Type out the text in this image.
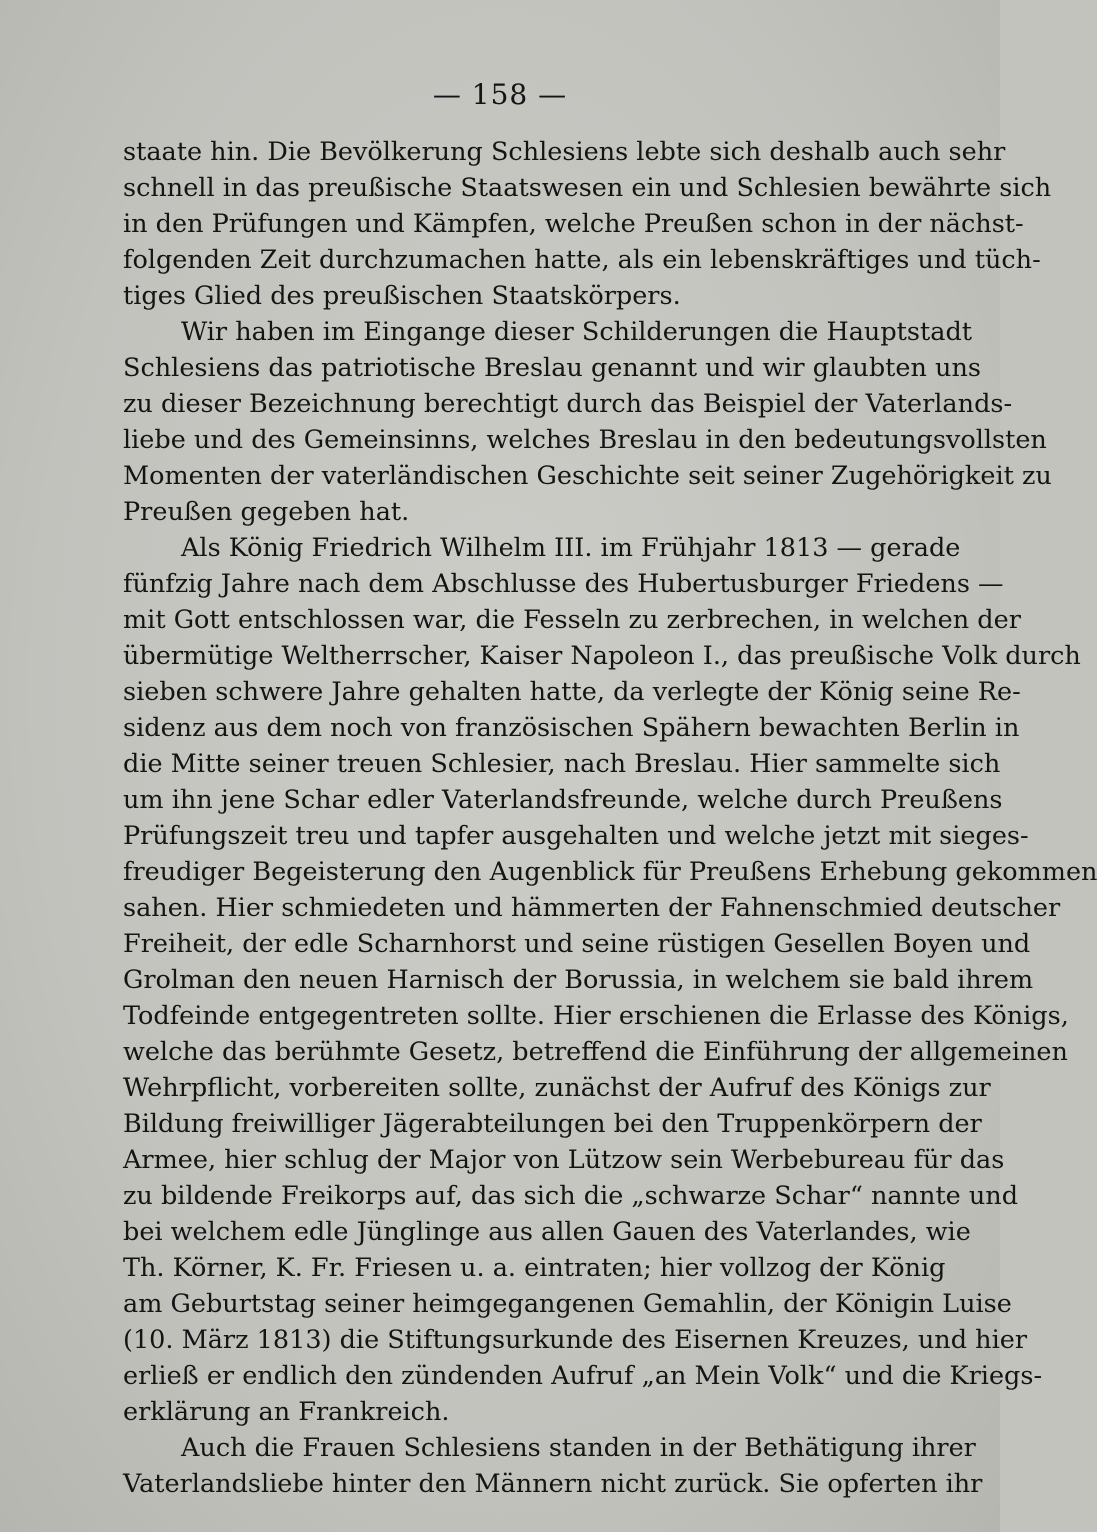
— 158 —

staate hin. Die Bevölkerung Schlesiens lebte sich deshalb auch sehr
schnell in das preußische Staatswesen ein und Schlesien bewährte sich
in den Prüfungen und Kämpfen, welche Preußen schon in der nächst-
folgenden Zeit durchzumachen hatte, als ein lebenskräftiges und tüch-
tiges Glied des preußischen Staatskörpers.

Wir haben im Eingange dieser Schilderungen die Hauptstadt
Schlesiens das patriotische Breslau genannt und wir glaubten uns
zu dieser Bezeichnung berechtigt durch das Beispiel der Vaterlands-
liebe und des Gemeinsinns, welches Breslau in den bedeutungsvollsten
Momenten der vaterländischen Geschichte seit seiner Zugehörigkeit zu
Preußen gegeben hat.

Als König Friedrich Wilhelm III. im Frühjahr 1813 — gerade
fünfzig Jahre nach dem Abschlusse des Hubertusburger Friedens —
mit Gott entschlossen war, die Fesseln zu zerbrechen, in welchen der
übermütige Weltherrscher, Kaiser Napoleon I., das preußische Volk durch
sieben schwere Jahre gehalten hatte, da verlegte der König seine Re-
sidenz aus dem noch von französischen Spähern bewachten Berlin in
die Mitte seiner treuen Schlesier, nach Breslau. Hier sammelte sich
um ihn jene Schar edler Vaterlandsfreunde, welche durch Preußens
Prüfungszeit treu und tapfer ausgehalten und welche jetzt mit sieges-
freudiger Begeisterung den Augenblick für Preußens Erhebung gekommen
sahen. Hier schmiedeten und hämmerten der Fahnenschmied deutscher
Freiheit, der edle Scharnhorst und seine rüstigen Gesellen Boyen und
Grolman den neuen Harnisch der Borussia, in welchem sie bald ihrem
Todfeinde entgegentreten sollte. Hier erschienen die Erlasse des Königs,
welche das berühmte Gesetz, betreffend die Einführung der allgemeinen
Wehrpflicht, vorbereiten sollte, zunächst der Aufruf des Königs zur
Bildung freiwilliger Jägerabteilungen bei den Truppenkörpern der
Armee, hier schlug der Major von Lützow sein Werbebureau für das
zu bildende Freikorps auf, das sich die „schwarze Schar“ nannte und
bei welchem edle Jünglinge aus allen Gauen des Vaterlandes, wie
Th. Körner, K. Fr. Friesen u. a. eintraten; hier vollzog der König
am Geburtstag seiner heimgegangenen Gemahlin, der Königin Luise
(10. März 1813) die Stiftungsurkunde des Eisernen Kreuzes, und hier
erließ er endlich den zündenden Aufruf „an Mein Volk“ und die Kriegs-
erklärung an Frankreich.

Auch die Frauen Schlesiens standen in der Bethätigung ihrer
Vaterlandsliebe hinter den Männern nicht zurück. Sie opferten ihr
